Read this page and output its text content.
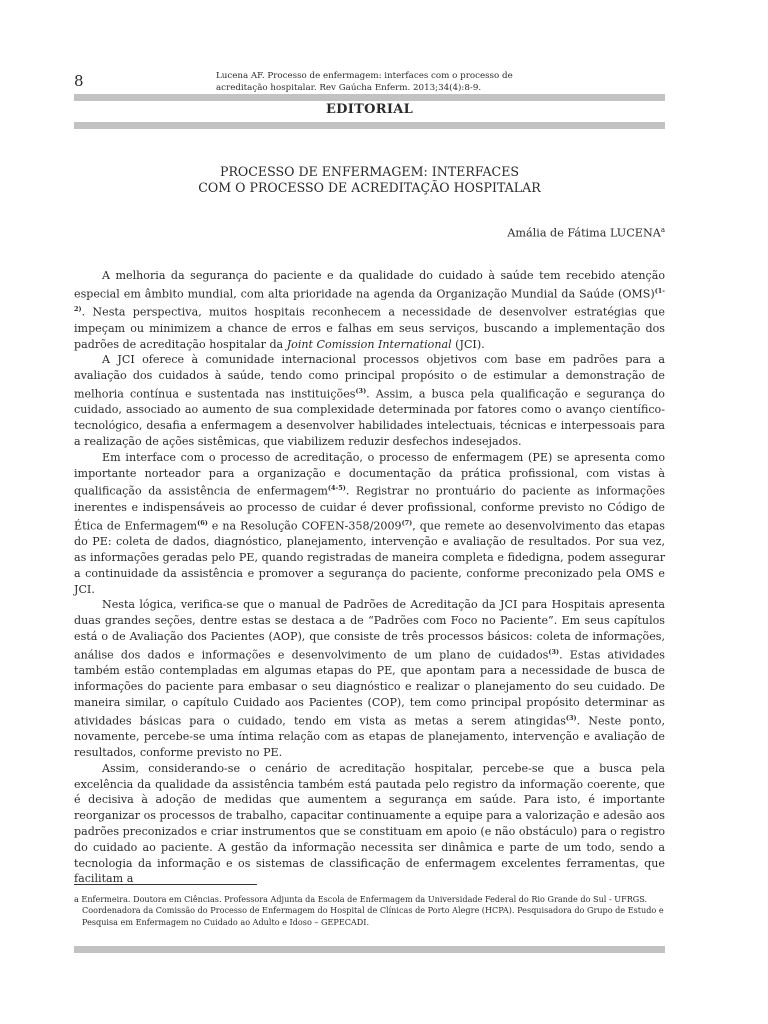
8	Lucena AF. Processo de enfermagem: interfaces com o processo de acreditação hospitalar. Rev Gaúcha Enferm. 2013;34(4):8-9.
EDITORIAL
PROCESSO DE ENFERMAGEM: INTERFACES
COM O PROCESSO DE ACREDITAÇÃO HOSPITALAR
Amália de Fátima LUCENA$^a$

A melhoria da segurança do paciente e da qualidade do cuidado à saúde tem recebido atenção especial em âmbito mundial, com alta prioridade na agenda da Organização Mundial da Saúde (OMS)$^{(1-2)}$. Nesta perspectiva, muitos hospitais reconhecem a necessidade de desenvolver estratégias que impeçam ou minimizem a chance de erros e falhas em seus serviços, buscando a implementação dos padrões de acreditação hospitalar da Joint Comission International (JCI).

A JCI oferece à comunidade internacional processos objetivos com base em padrões para a avaliação dos cuidados à saúde, tendo como principal propósito o de estimular a demonstração de melhoria contínua e sustentada nas instituições$^{(3)}$. Assim, a busca pela qualificação e segurança do cuidado, associado ao aumento de sua complexidade determinada por fatores como o avanço científico-tecnológico, desafia a enfermagem a desenvolver habilidades intelectuais, técnicas e interpessoais para a realização de ações sistêmicas, que viabilizem reduzir desfechos indesejados.

Em interface com o processo de acreditação, o processo de enfermagem (PE) se apresenta como importante norteador para a organização e documentação da prática profissional, com vistas à qualificação da assistência de enfermagem$^{(4-5)}$. Registrar no prontuário do paciente as informações inerentes e indispensáveis ao processo de cuidar é dever profissional, conforme previsto no Código de Ética de Enfermagem$^{(6)}$ e na Resolução COFEN-358/2009$^{(7)}$, que remete ao desenvolvimento das etapas do PE: coleta de dados, diagnóstico, planejamento, intervenção e avaliação de resultados. Por sua vez, as informações geradas pelo PE, quando registradas de maneira completa e fidedigna, podem assegurar a continuidade da assistência e promover a segurança do paciente, conforme preconizado pela OMS e JCI.

Nesta lógica, verifica-se que o manual de Padrões de Acreditação da JCI para Hospitais apresenta duas grandes seções, dentre estas se destaca a de “Padrões com Foco no Paciente”. Em seus capítulos está o de Avaliação dos Pacientes (AOP), que consiste de três processos básicos: coleta de informações, análise dos dados e informações e desenvolvimento de um plano de cuidados$^{(3)}$. Estas atividades também estão contempladas em algumas etapas do PE, que apontam para a necessidade de busca de informações do paciente para embasar o seu diagnóstico e realizar o planejamento do seu cuidado. De maneira similar, o capítulo Cuidado aos Pacientes (COP), tem como principal propósito determinar as atividades básicas para o cuidado, tendo em vista as metas a serem atingidas$^{(3)}$. Neste ponto, novamente, percebe-se uma íntima relação com as etapas de planejamento, intervenção e avaliação de resultados, conforme previsto no PE.

Assim, considerando-se o cenário de acreditação hospitalar, percebe-se que a busca pela excelência da qualidade da assistência também está pautada pelo registro da informação coerente, que é decisiva à adoção de medidas que aumentem a segurança em saúde. Para isto, é importante reorganizar os processos de trabalho, capacitar continuamente a equipe para a valorização e adesão aos padrões preconizados e criar instrumentos que se constituam em apoio (e não obstáculo) para o registro do cuidado ao paciente. A gestão da informação necessita ser dinâmica e parte de um todo, sendo a tecnologia da informação e os sistemas de classificação de enfermagem excelentes ferramentas, que facilitam a

a Enfermeira. Doutora em Ciências. Professora Adjunta da Escola de Enfermagem da Universidade Federal do Rio Grande do Sul - UFRGS. Coordenadora da Comissão do Processo de Enfermagem do Hospital de Clínicas de Porto Alegre (HCPA). Pesquisadora do Grupo de Estudo e Pesquisa em Enfermagem no Cuidado ao Adulto e Idoso – GEPECADI.
